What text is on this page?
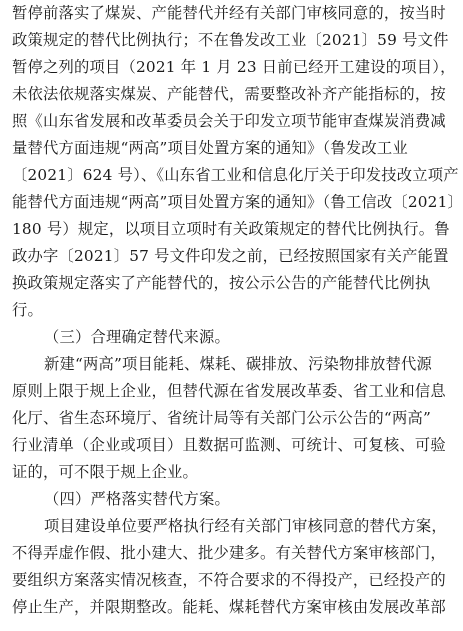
暂停前落实了煤炭、产能替代并经有关部门审核同意的，按当时
政策规定的替代比例执行；不在鲁发改工业〔2021〕59 号文件
暂停之列的项目（2021 年 1 月 23 日前已经开工建设的项目），
未依法依规落实煤炭、产能替代，需要整改补齐产能指标的，按
照《山东省发展和改革委员会关于印发立项节能审查煤炭消费减
量替代方面违规“两高”项目处置方案的通知》（鲁发改工业
〔2021〕624 号）、《山东省工业和信息化厅关于印发技改立项产
能替代方面违规“两高”项目处置方案的通知》（鲁工信改〔2021〕
180 号）规定，以项目立项时有关政策规定的替代比例执行。鲁
政办字〔2021〕57 号文件印发之前，已经按照国家有关产能置
换政策规定落实了产能替代的，按公示公告的产能替代比例执
行。
（三）合理确定替代来源。
新建“两高”项目能耗、煤耗、碳排放、污染物排放替代源
原则上限于规上企业，但替代源在省发展改革委、省工业和信息
化厅、省生态环境厅、省统计局等有关部门公示公告的“两高”
行业清单（企业或项目）且数据可监测、可统计、可复核、可验
证的，可不限于规上企业。
（四）严格落实替代方案。
项目建设单位要严格执行经有关部门审核同意的替代方案，
不得弄虚作假、批小建大、批少建多。有关替代方案审核部门，
要组织方案落实情况核查，不符合要求的不得投产，已经投产的
停止生产，并限期整改。能耗、煤耗替代方案审核由发展改革部
